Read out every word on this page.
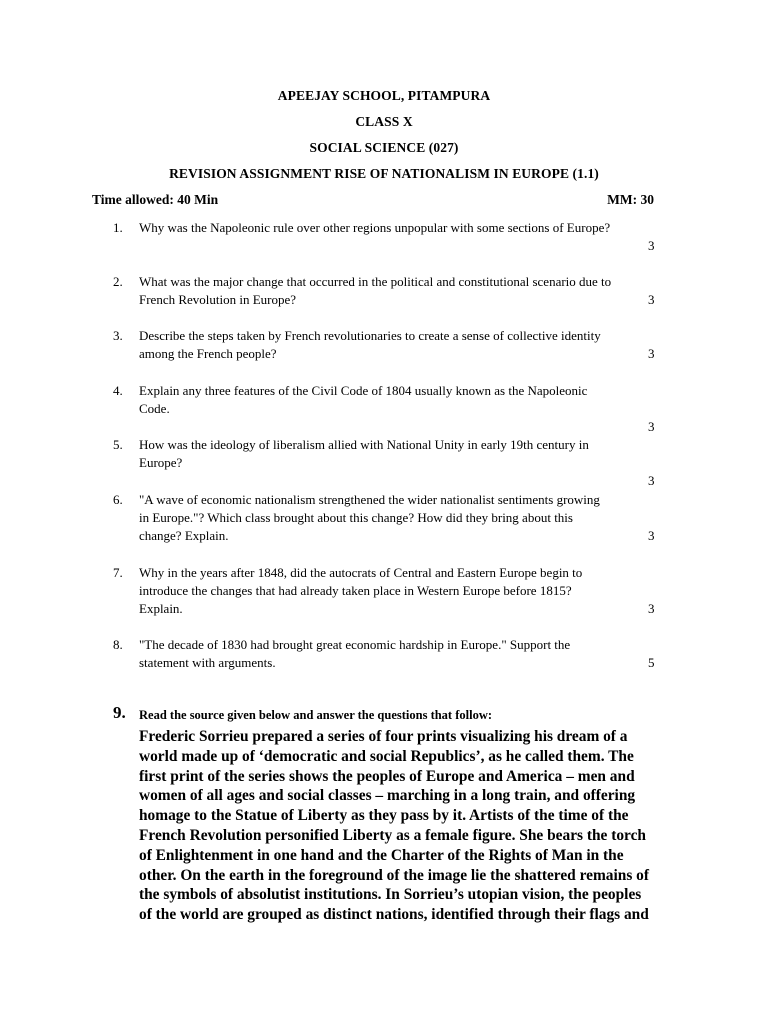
APEEJAY SCHOOL, PITAMPURA
CLASS X
SOCIAL SCIENCE (027)
REVISION ASSIGNMENT RISE OF NATIONALISM IN EUROPE (1.1)
Time allowed: 40 Min	MM: 30
1. Why was the Napoleonic rule over other regions unpopular with some sections of Europe?
3
2. What was the major change that occurred in the political and constitutional scenario due to
French Revolution in Europe?	3
3. Describe the steps taken by French revolutionaries to create a sense of collective identity
among the French people?	3
4. Explain any three features of the Civil Code of 1804 usually known as the Napoleonic
Code.
3
5. How was the ideology of liberalism allied with National Unity in early 19th century in
Europe?
3
6. "A wave of economic nationalism strengthened the wider nationalist sentiments growing
in Europe."? Which class brought about this change? How did they bring about this
change? Explain.	3
7. Why in the years after 1848, did the autocrats of Central and Eastern Europe begin to
introduce the changes that had already taken place in Western Europe before 1815?
Explain.	3
8. "The decade of 1830 had brought great economic hardship in Europe." Support the
statement with arguments.	5
9. Read the source given below and answer the questions that follow:
Frederic Sorrieu prepared a series of four prints visualizing his dream of a
world made up of ‘democratic and social Republics’, as he called them. The
first print of the series shows the peoples of Europe and America – men and
women of all ages and social classes – marching in a long train, and offering
homage to the Statue of Liberty as they pass by it. Artists of the time of the
French Revolution personified Liberty as a female figure. She bears the torch
of Enlightenment in one hand and the Charter of the Rights of Man in the
other. On the earth in the foreground of the image lie the shattered remains of
the symbols of absolutist institutions. In Sorrieu’s utopian vision, the peoples
of the world are grouped as distinct nations, identified through their flags and
